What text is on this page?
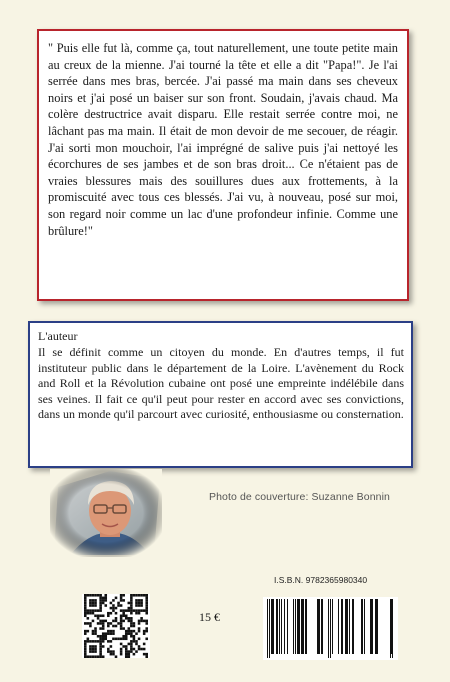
" Puis elle fut là, comme ça, tout naturellement, une toute petite main au creux de la mienne. J'ai tourné la tête et elle a dit "Papa!". Je l'ai serrée dans mes bras, bercée. J'ai passé ma main dans ses cheveux noirs et j'ai posé un baiser sur son front. Soudain, j'avais chaud. Ma colère destructrice avait disparu. Elle restait serrée contre moi, ne lâchant pas ma main. Il était de mon devoir de me secouer, de réagir. J'ai sorti mon mouchoir, l'ai imprégné de salive puis j'ai nettoyé les écorchures de ses jambes et de son bras droit... Ce n'étaient pas de vraies blessures mais des souillures dues aux frottements, à la promiscuité avec tous ces blessés. J'ai vu, à nouveau, posé sur moi, son regard noir comme un lac d'une profondeur infinie. Comme une brûlure!"

L'auteur

Il se définit comme un citoyen du monde. En d'autres temps, il fut instituteur public dans le département de la Loire. L'avènement du Rock and Roll et la Révolution cubaine ont posé une empreinte indélébile dans ses veines. Il fait ce qu'il peut pour rester en accord avec ses convictions, dans un monde qu'il parcourt avec curiosité, enthousiasme ou consternation.

Photo de couverture: Suzanne Bonnin
I.S.B.N. 9782365980340
15 €
